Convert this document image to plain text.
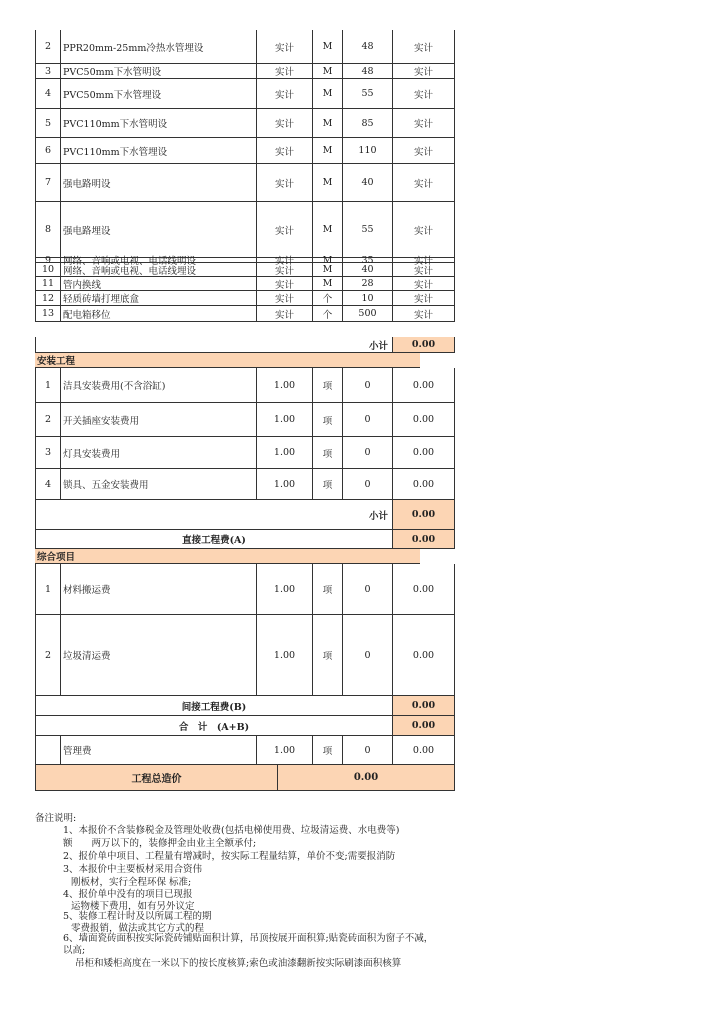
2	PPR20mm-25mm冷热水管埋设	实计	M	48	实计
3	PVC50mm下水管明设	实计	M	48	实计
4	PVC50mm下水管埋设	实计	M	55	实计
5	PVC110mm下水管明设	实计	M	85	实计
6	PVC110mm下水管埋设	实计	M	110	实计
7	强电路明设	实计	M	40	实计
8	强电路埋设	实计	M	55	实计
9	网络、音响或电视、电话线明设	实计	M	35	实计
10 网络、音响或电视、电话线埋设	实计	M	40	实计
11 管内换线	实计	M	28	实计
12 轻质砖墙打埋底盒	实计	个	10	实计
13 配电箱移位	实计	个	500	实计
小计	0.00
安装工程
1	洁具安装费用(不含浴缸)	1.00	项	0	0.00
2	开关插座安装费用	1.00	项	0	0.00
3	灯具安装费用	1.00	项	0	0.00
4	锁具、五金安装费用	1.00	项	0	0.00
小计	0.00
直接工程费(A)	0.00
综合项目
1	材料搬运费	1.00	项	0	0.00
2	垃圾清运费	1.00	项	0	0.00
间接工程费(B)	0.00
合　计　(A+B)	0.00
管理费	1.00	项	0	0.00
工程总造价	0.00
备注说明:
1、本报价不含装修税金及管理处收费(包括电梯使用费、垃圾清运费、水电费等)
额　　两万以下的，装修押金由业主全额承付;
2、报价单中项目、工程量有增减时，按实际工程量结算，单价不变;需要报消防
3、本报价中主要板材采用合资伟
刚板材，实行全程环保 标准;
4、报价单中没有的项目已现报
运物楼下费用，如有另外议定
5、装修工程计时及以所属工程的期
零费报销，做法或其它方式的程
6、墙面瓷砖面积按实际瓷砖铺贴面积计算，吊顶按展开面积算;贴瓷砖面积为窗子不减，
以高;
吊柜和矮柜高度在一米以下的按长度核算;索色或油漆翻新按实际刷漆面积核算
